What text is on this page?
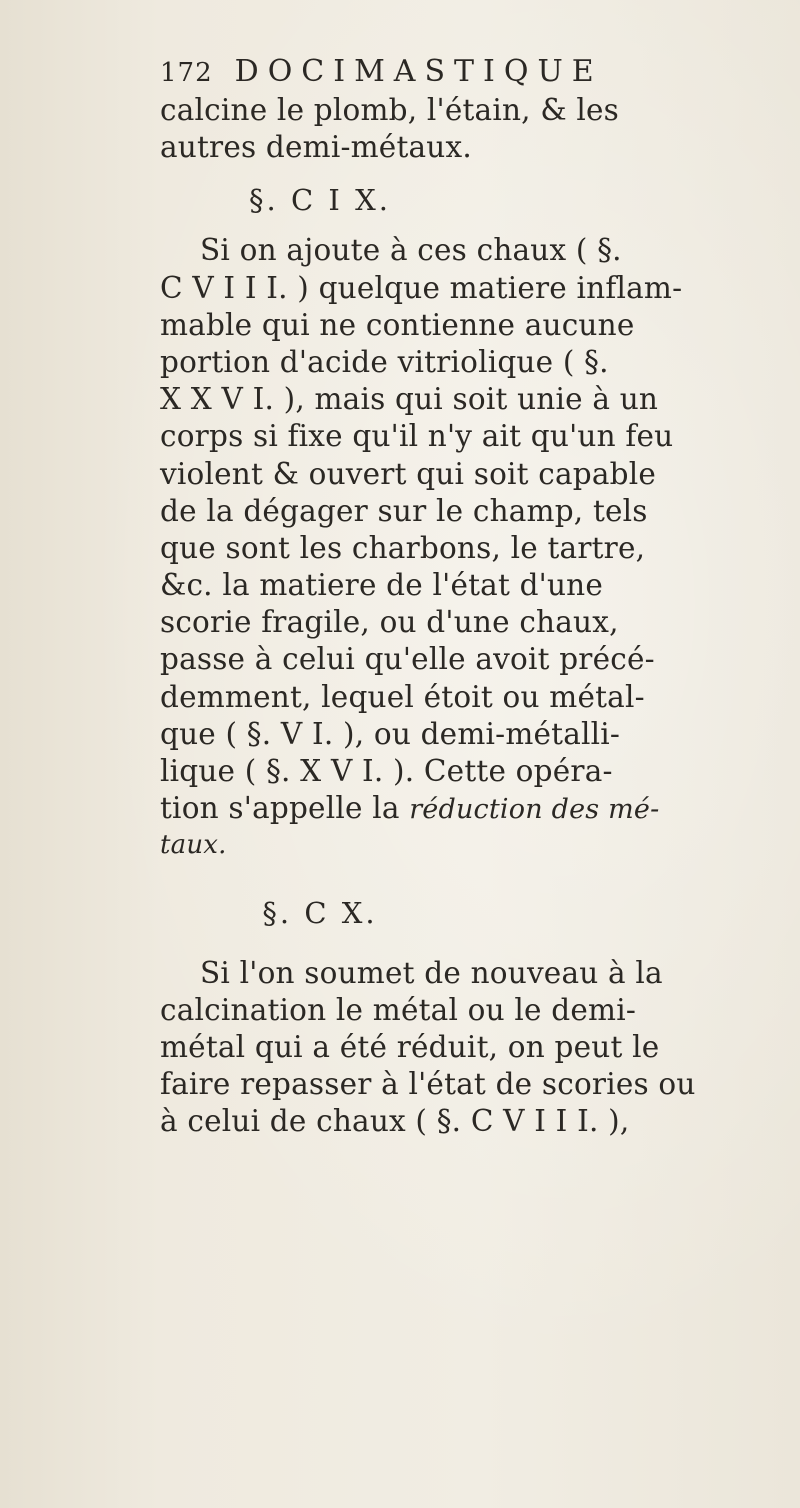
172 DOCIMASTIQUE
calcine le plomb, l'étain, & les
autres demi-métaux.
§. C I X.
Si on ajoute à ces chaux ( §.
C V I I I. ) quelque matiere inflam-
mable qui ne contienne aucune
portion d'acide vitriolique ( §.
X X V I. ), mais qui soit unie à un
corps si fixe qu'il n'y ait qu'un feu
violent & ouvert qui soit capable
de la dégager sur le champ, tels
que sont les charbons, le tartre,
&c. la matiere de l'état d'une
scorie fragile, ou d'une chaux,
passe à celui qu'elle avoit précé-
demment, lequel étoit ou métal-
que ( §. V I. ), ou demi-métalli-
lique ( §. X V I. ). Cette opéra-
tion s'appelle la réduction des mé-
taux.
§. C X.
Si l'on soumet de nouveau à la
calcination le métal ou le demi-
métal qui a été réduit, on peut le
faire repasser à l'état de scories ou
à celui de chaux ( §. C V I I I. ),
